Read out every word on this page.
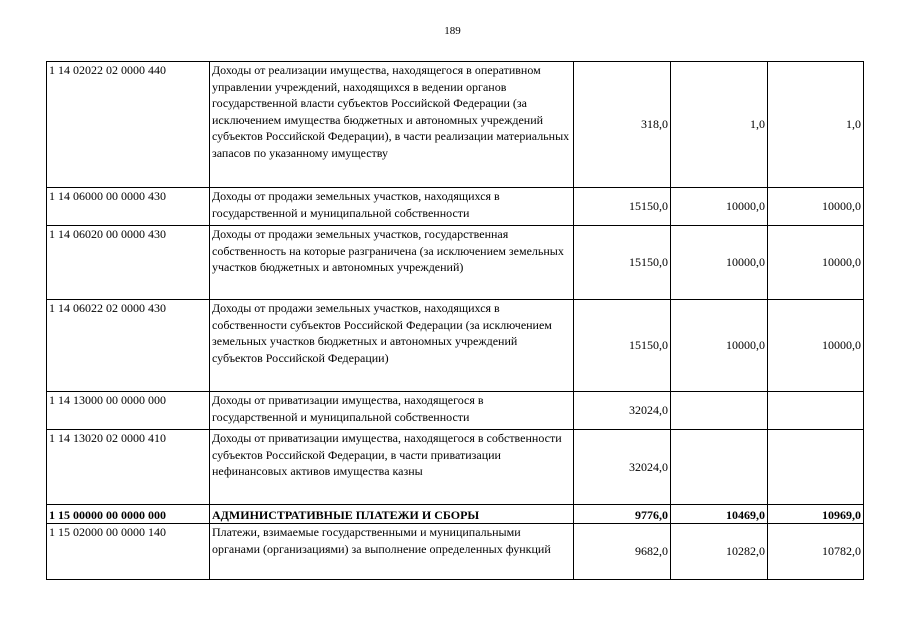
189
1 14 02022 02 0000 440	Доходы от реализации имущества, находящегося в оперативном управлении учреждений, находящихся в ведении органов государственной власти субъектов Российской Федерации (за исключением имущества бюджетных и автономных учреждений субъектов Российской Федерации), в части реализации материальных запасов по указанному имуществу	318,0	1,0	1,0
1 14 06000 00 0000 430	Доходы от продажи земельных участков, находящихся в государственной и муниципальной собственности	15150,0	10000,0	10000,0
1 14 06020 00 0000 430	Доходы от продажи земельных участков, государственная собственность на которые разграничена (за исключением земельных участков бюджетных и автономных учреждений)	15150,0	10000,0	10000,0
1 14 06022 02 0000 430	Доходы от продажи земельных участков, находящихся в собственности субъектов Российской Федерации (за исключением земельных участков бюджетных и автономных учреждений субъектов Российской Федерации)	15150,0	10000,0	10000,0
1 14 13000 00 0000 000	Доходы от приватизации имущества, находящегося в государственной и муниципальной собственности	32024,0		
1 14 13020 02 0000 410	Доходы от приватизации имущества, находящегося в собственности субъектов Российской Федерации, в части приватизации нефинансовых активов имущества казны	32024,0		
1 15 00000 00 0000 000	АДМИНИСТРАТИВНЫЕ ПЛАТЕЖИ И СБОРЫ	9776,0	10469,0	10969,0
1 15 02000 00 0000 140	Платежи, взимаемые государственными и муниципальными органами (организациями) за выполнение определенных функций	9682,0	10282,0	10782,0
